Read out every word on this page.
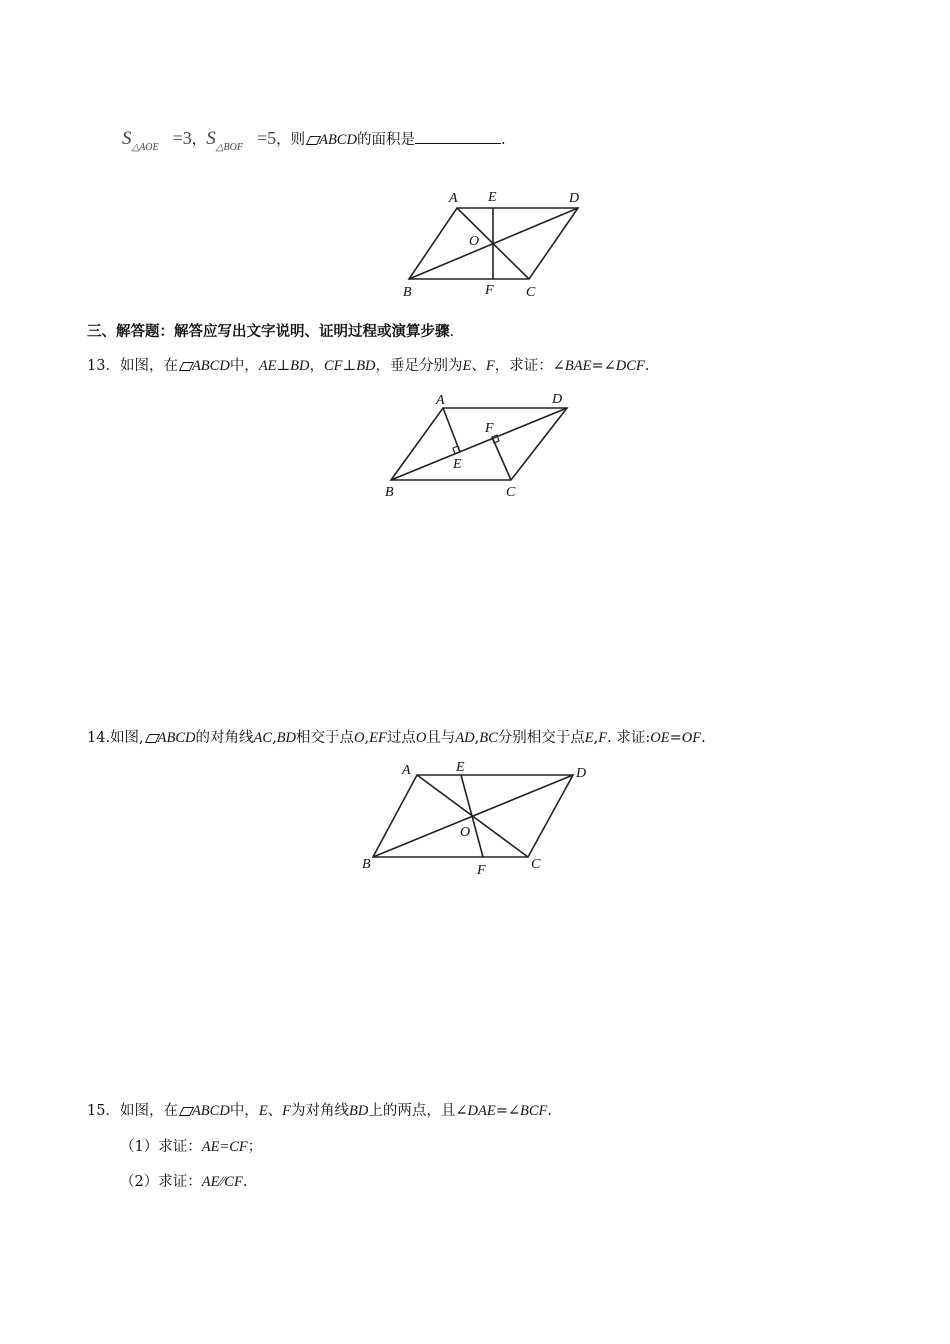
$S_{\triangle AOE} =3$，$S_{\triangle BOF} =5$，则 ABCD的面积是	.
A E	D
O
B	F C
三、解答题：解答应写出文字说明、证明过程或演算步骤.
13．如图，在 ABCD中，AE⊥BD，CF⊥BD，垂足分别为E、F，求证：∠BAE=∠DCF.
A	D
F
E
B	C
14.如图, ABCD的对角线AC,BD相交于点O,EF过点O且与AD,BC分别相交于点E,F. 求证:OE=OF.
A	E	D
O
B	F	C
15．如图，在 ABCD中，E、F为对角线BD上的两点，且∠DAE=∠BCF.
（1）求证：AE=CF；
（2）求证：AE∕∕CF.
